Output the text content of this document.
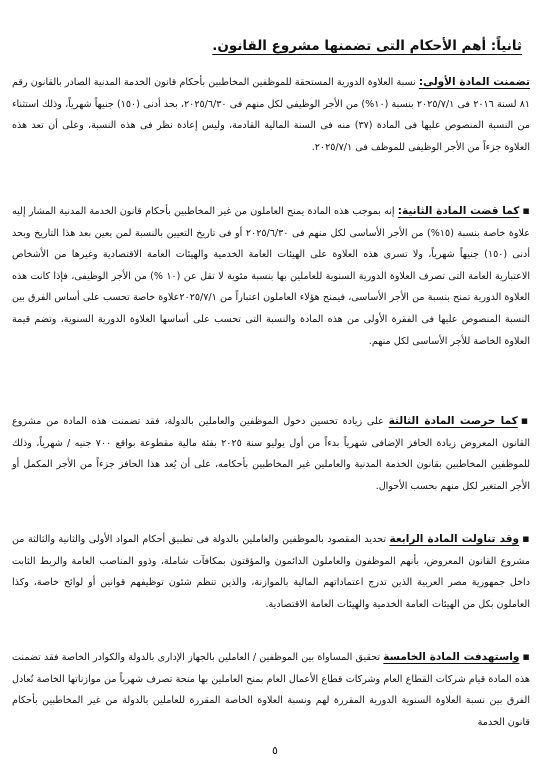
ثانياً: أهم الأحكام التى تضمنها مشروع القانون.
تضمنت المادة الأولى: نسبة العلاوة الدورية المستحقة للموظفين المخاطبين بأحكام قانون الخدمة المدنية الصادر بالقانون رقم ٨١ لسنة ٢٠١٦ فى ٢٠٢٥/٧/١ بنسبة (١٠%) من الأجر الوظيفي لكل منهم فى ٢٠٢٥/٦/٣٠، بحد أدنى (١٥٠) جنيهاً شهرياً، وذلك استثناء من النسبة المنصوص عليها فى المادة (٣٧) منه فى السنة المالية القادمة، وليس إعادة نظر فى هذه النسبة، وعلى أن تعد هذه العلاوة جزءاً من الأجر الوظيفى للموظف فى ٢٠٢٥/٧/١.
▪كما قضت المادة الثانية: إنه بموجب هذه المادة يمنح العاملون من غير المخاطبين بأحكام قانون الخدمة المدنية المشار إليه علاوة خاصة بنسبة (١٥%) من الأجر الأساسى لكل منهم فى ٢٠٢٥/٦/٣٠ أو فى تاريخ التعيين بالنسبة لمن يعين بعد هذا التاريخ وبحد أدنى (١٥٠) جنيهاً شهرياً، ولا تسرى هذه العلاوة على الهيئات العامة الخدمية والهيئات العامة الاقتصادية وغيرها من الأشخاص الاعتبارية العامة التى تصرف العلاوة الدورية السنوية للعاملين بها بنسبة مئوية لا تقل عن (١٠ %) من الأجر الوظيفى، فإذا كانت هذه العلاوة الدورية تمنح بنسبة من الأجر الأساسى، فيمنح هؤلاء العاملون اعتباراً من ٢٠٢٥/٧/١علاوة خاصة تحسب على أساس الفرق بين النسبة المنصوص عليها فى الفقرة الأولى من هذه المادة والنسبة التى تحسب على أساسها العلاوة الدورية السنوية، وتضم قيمة العلاوة الخاصة للأجر الأساسى لكل منهم.
▪كما حرصت المادة الثالثة على زيادة تحسين دخول الموظفين والعاملين بالدولة، فقد تضمنت هذه المادة من مشروع القانون المعروض زيادة الحافز الإضافى شهرياً بدءاً من أول يوليو سنة ٢٠٢٥ بفئة مالية مقطوعة بواقع ٧٠٠ جنيه / شهرياً، وذلك للموظفين المخاطبين بقانون الخدمة المدنية والعاملين غير المخاطبين بأحكامه، على أن يُعد هذا الحافز جزءاً من الأجر المكمل أو الأجر المتغير لكل منهم بحسب الأحوال.
▪وقد تناولت المادة الرابعة تحديد المقصود بالموظفين والعاملين بالدولة فى تطبيق أحكام المواد الأولى والثانية والثالثة من مشروع القانون المعروض، بأنهم الموظفون والعاملون الدائمون والمؤقتون بمكافآت شاملة، وذوو المناصب العامة والربط الثابت داخل جمهورية مصر العربية الذين تدرج اعتماداتهم المالية بالموازنة، والذين تنظم شئون توظيفهم قوانين أو لوائح خاصة، وكذا العاملون بكل من الهيئات العامة الخدمية والهيئات العامة الاقتصادية.
▪واستهدفت المادة الخامسة تحقيق المساواة بين الموظفين / العاملين بالجهاز الإدارى بالدولة والكوادر الخاصة فقد تضمنت هذه المادة قيام شركات القطاع العام وشركات قطاع الأعمال العام بمنح العاملين بها منحة تصرف شهرياً من موازناتها الخاصة تُعادل الفرق بين نسبة العلاوة السنوية الدورية المقررة لهم ونسبة العلاوة الخاصة المقررة للعاملين بالدولة من غير المخاطبين بأحكام قانون الخدمة
٥
